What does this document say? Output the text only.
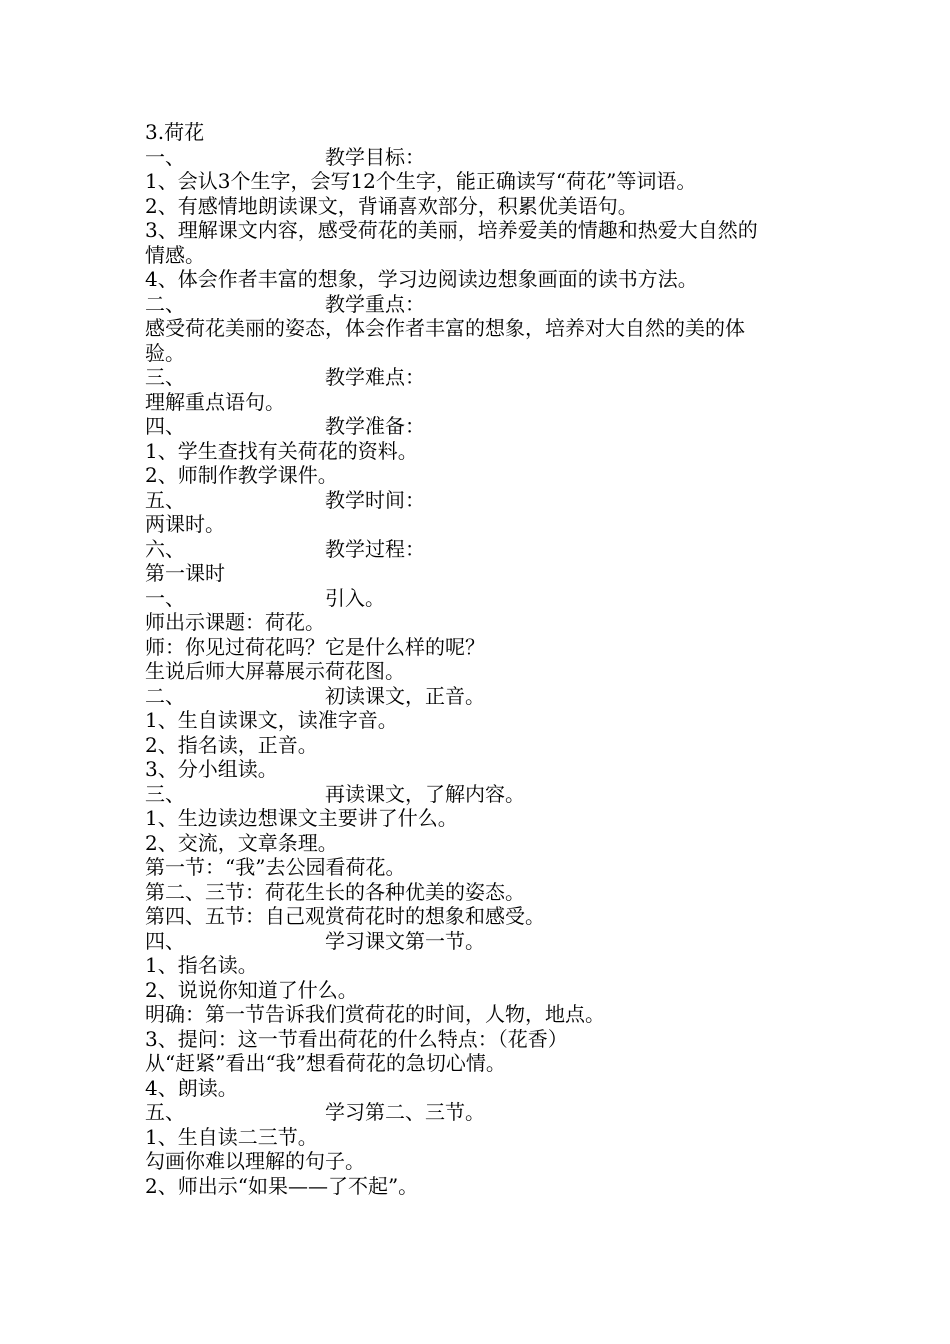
3.荷花
一、	教学目标：
1、会认3个生字，会写12个生字，能正确读写“荷花”等词语。
2、有感情地朗读课文，背诵喜欢部分，积累优美语句。
3、理解课文内容，感受荷花的美丽，培养爱美的情趣和热爱大自然的
情感。
4、体会作者丰富的想象，学习边阅读边想象画面的读书方法。
二、	教学重点：
感受荷花美丽的姿态，体会作者丰富的想象，培养对大自然的美的体
验。
三、	教学难点：
理解重点语句。
四、	教学准备：
1、学生查找有关荷花的资料。
2、师制作教学课件。
五、	教学时间：
两课时。
六、	教学过程：
第一课时
一、	引入。
师出示课题：荷花。
师：你见过荷花吗？它是什么样的呢？
生说后师大屏幕展示荷花图。
二、	初读课文，正音。
1、生自读课文，读准字音。
2、指名读，正音。
3、分小组读。
三、	再读课文，了解内容。
1、生边读边想课文主要讲了什么。
2、交流，文章条理。
第一节：“我”去公园看荷花。
第二、三节：荷花生长的各种优美的姿态。
第四、五节：自己观赏荷花时的想象和感受。
四、	学习课文第一节。
1、指名读。
2、说说你知道了什么。
明确：第一节告诉我们赏荷花的时间，人物，地点。
3、提问：这一节看出荷花的什么特点：（花香）
从“赶紧”看出“我”想看荷花的急切心情。
4、朗读。
五、	学习第二、三节。
1、生自读二三节。
勾画你难以理解的句子。
2、师出示“如果——了不起”。
